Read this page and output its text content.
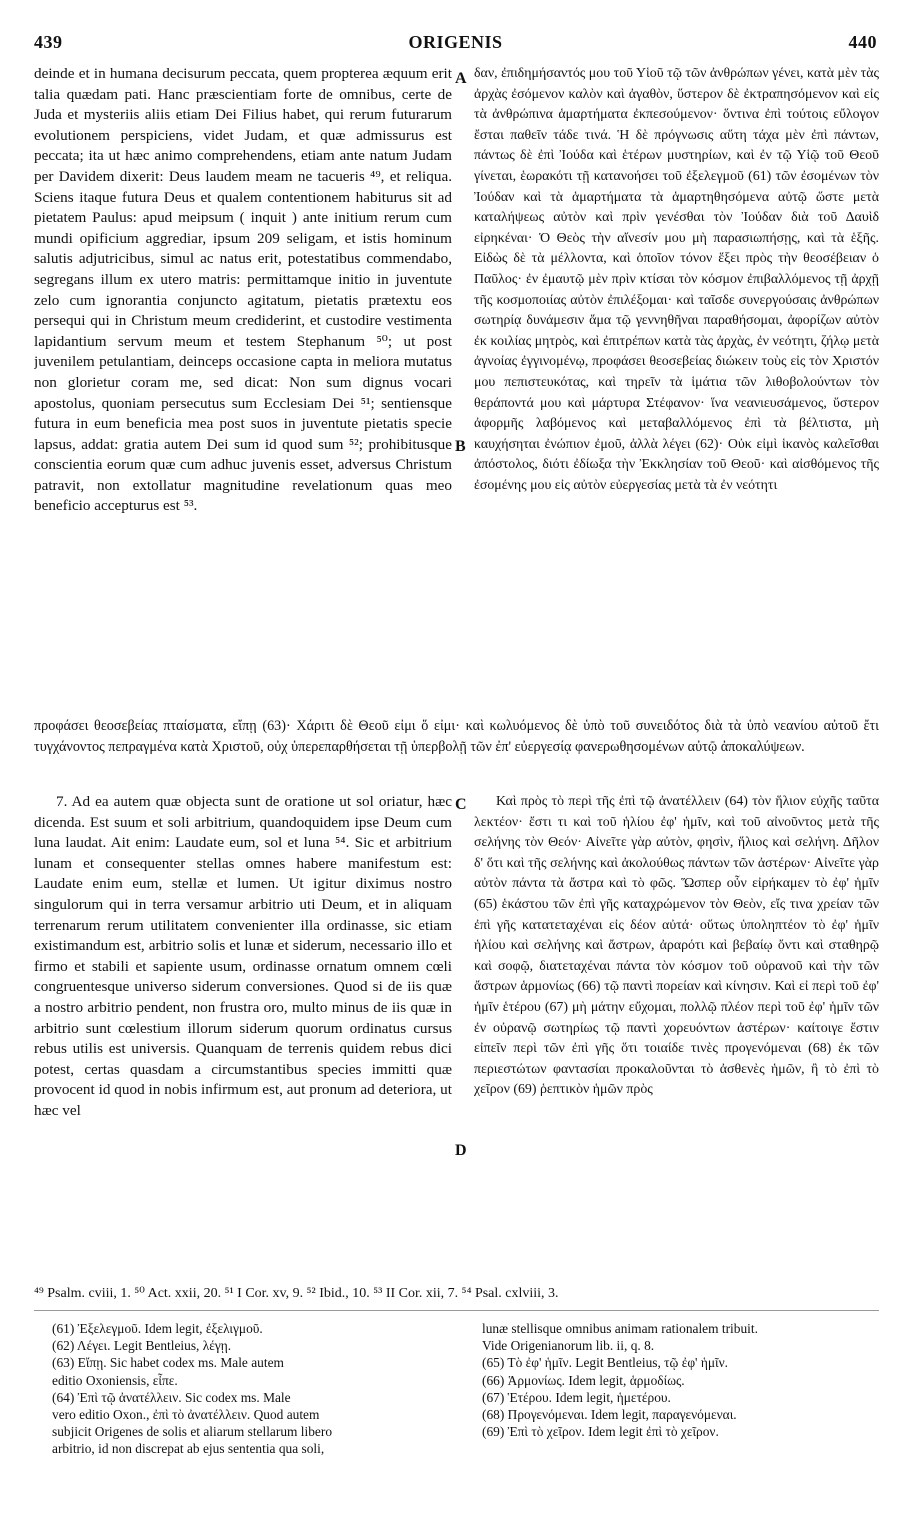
439	ORIGENIS	440

deinde et in humana decisurum peccata, quem propterea æquum erit talia quædam pati. Hanc præscientiam forte de omnibus, certe de Juda et mysteriis aliis etiam Dei Filius habet, qui rerum futurarum evolutionem perspiciens, videt Judam, et quæ admissurus est peccata; ita ut hæc animo comprehendens, etiam ante natum Judam per Davidem dixerit: Deus laudem meam ne tacueris ⁴⁹, et reliqua. Sciens itaque futura Deus et qualem contentionem habiturus sit ad pietatem Paulus: apud meipsum ( inquit ) ante initium rerum cum mundi opificium aggrediar, ipsum 209 seligam, et istis hominum salutis adjutricibus, simul ac natus erit, potestatibus commendabo, segregans illum ex utero matris: permittamque initio in juventute zelo cum ignorantia conjuncto agitatum, pietatis prætextu eos persequi qui in Christum meum crediderint, et custodire vestimenta lapidantium servum meum et testem Stephanum ⁵⁰; ut post juvenilem petulantiam, deinceps occasione capta in meliora mutatus non glorietur coram me, sed dicat: Non sum dignus vocari apostolus, quoniam persecutus sum Ecclesiam Dei ⁵¹; sentiensque futura in eum beneficia mea post suos in juventute pietatis specie lapsus, addat: gratia autem Dei sum id quod sum ⁵²; prohibitusque conscientia eorum quæ cum adhuc juvenis esset, adversus Christum patravit, non extollatur magnitudine revelationum quas meo beneficio accepturus est ⁵³.

A
B

δαν, ἐπιδημήσαντός μου τοῦ Υἱοῦ τῷ τῶν ἀνθρώπων γένει, κατὰ μὲν τὰς ἀρχὰς ἐσόμενον καλὸν καὶ ἀγαθὸν, ὕστερον δὲ ἐκτραπησόμενον καὶ εἰς τὰ ἀνθρώπινα ἁμαρτήματα ἐκπεσούμενον· ὅντινα ἐπὶ τούτοις εὔλογον ἔσται παθεῖν τάδε τινά. Ἡ δὲ πρόγνωσις αὕτη τάχα μὲν ἐπὶ πάντων, πάντως δὲ ἐπὶ Ἰούδα καὶ ἑτέρων μυστηρίων, καὶ ἐν τῷ Υἱῷ τοῦ Θεοῦ γίνεται, ἑωρακότι τῇ κατανοήσει τοῦ ἐξελεγμοῦ (61) τῶν ἐσομένων τὸν Ἰούδαν καὶ τὰ ἁμαρτήματα τὰ ἁμαρτηθησόμενα αὐτῷ ὥστε μετὰ καταλήψεως αὐτὸν καὶ πρὶν γενέσθαι τὸν Ἰούδαν διὰ τοῦ Δαυὶδ εἰρηκέναι· Ὁ Θεὸς τὴν αἴνεσίν μου μὴ παρασιωπήσῃς, καὶ τὰ ἑξῆς. Εἰδὼς δὲ τὰ μέλλοντα, καὶ ὁποῖον τόνον ἕξει πρὸς τὴν θεοσέβειαν ὁ Παῦλος· ἐν ἐμαυτῷ μὲν πρὶν κτίσαι τὸν κόσμον ἐπιβαλλόμενος τῇ ἀρχῇ τῆς κοσμοποιίας αὐτὸν ἐπιλέξομαι· καὶ ταῖσδε συνεργούσαις ἀνθρώπων σωτηρίᾳ δυνάμεσιν ἅμα τῷ γεννηθῆναι παραθήσομαι, ἀφορίζων αὐτὸν ἐκ κοιλίας μητρὸς, καὶ ἐπιτρέπων κατὰ τὰς ἀρχὰς, ἐν νεότητι, ζήλῳ μετὰ ἀγνοίας ἐγγινομένῳ, προφάσει θεοσεβείας διώκειν τοὺς εἰς τὸν Χριστόν μου πεπιστευκότας, καὶ τηρεῖν τὰ ἱμάτια τῶν λιθοβολούντων τὸν θεράποντά μου καὶ μάρτυρα Στέφανον· ἵνα νεανιευσάμενος, ὕστερον ἀφορμῆς λαβόμενος καὶ μεταβαλλόμενος ἐπὶ τὰ βέλτιστα, μὴ καυχήσηται ἐνώπιον ἐμοῦ, ἀλλὰ λέγει (62)· Οὐκ εἰμὶ ἱκανὸς καλεῖσθαι ἀπόστολος, διότι ἐδίωξα τὴν Ἐκκλησίαν τοῦ Θεοῦ· καὶ αἰσθόμενος τῆς ἐσομένης μου εἰς αὐτὸν εὐεργεσίας μετὰ τὰ ἐν νεότητι

προφάσει θεοσεβείας πταίσματα, εἴπῃ (63)· Χάριτι δὲ Θεοῦ εἰμι ὅ εἰμι· καὶ κωλυόμενος δὲ ὑπὸ τοῦ συνειδότος διὰ τὰ ὑπὸ νεανίου αὐτοῦ ἔτι τυγχάνοντος πεπραγμένα κατὰ Χριστοῦ, οὐχ ὑπερεπαρθήσεται τῇ ὑπερβολῇ τῶν ἐπ' εὐεργεσίᾳ φανερωθησομένων αὐτῷ ἀποκαλύψεων.

7. Ad ea autem quæ objecta sunt de oratione ut sol oriatur, hæc dicenda. Est suum et soli arbitrium, quandoquidem ipse Deum cum luna laudat. Ait enim: Laudate eum, sol et luna ⁵⁴. Sic et arbitrium lunam et consequenter stellas omnes habere manifestum est: Laudate enim eum, stellæ et lumen. Ut igitur diximus nostro singulorum qui in terra versamur arbitrio uti Deum, et in aliquam terrenarum rerum utilitatem convenienter illa ordinasse, sic etiam existimandum est, arbitrio solis et lunæ et siderum, necessario illo et firmo et stabili et sapiente usum, ordinasse ornatum omnem cœli congruentesque universo siderum conversiones. Quod si de iis quæ a nostro arbitrio pendent, non frustra oro, multo minus de iis quæ in arbitrio sunt cœlestium illorum siderum quorum ordinatus cursus rebus utilis est universis. Quanquam de terrenis quidem rebus dici potest, certas quasdam a circumstantibus species immitti quæ provocent id quod in nobis infirmum est, aut pronum ad deteriora, ut hæc vel

C
D

Καὶ πρὸς τὸ περὶ τῆς ἐπὶ τῷ ἀνατέλλειν (64) τὸν ἥλιον εὐχῆς ταῦτα λεκτέον· ἔστι τι καὶ τοῦ ἡλίου ἐφ' ἡμῖν, καὶ τοῦ αἰνοῦντος μετὰ τῆς σελήνης τὸν Θεόν· Αἰνεῖτε γὰρ αὐτὸν, φησὶν, ἥλιος καὶ σελήνη. Δῆλον δ' ὅτι καὶ τῆς σελήνης καὶ ἀκολούθως πάντων τῶν ἀστέρων· Αἰνεῖτε γὰρ αὐτὸν πάντα τὰ ἄστρα καὶ τὸ φῶς. Ὥσπερ οὖν εἰρήκαμεν τὸ ἐφ' ἡμῖν (65) ἑκάστου τῶν ἐπὶ γῆς καταχρώμενον τὸν Θεὸν, εἴς τινα χρείαν τῶν ἐπὶ γῆς κατατεταχέναι εἰς δέον αὐτά· οὕτως ὑποληπτέον τὸ ἐφ' ἡμῖν ἡλίου καὶ σελήνης καὶ ἄστρων, ἀραρότι καὶ βεβαίῳ ὄντι καὶ σταθηρῷ καὶ σοφῷ, διατεταχέναι πάντα τὸν κόσμον τοῦ οὐρανοῦ καὶ τὴν τῶν ἄστρων ἁρμονίως (66) τῷ παντὶ πορείαν καὶ κίνησιν. Καὶ εἰ περὶ τοῦ ἐφ' ἡμῖν ἑτέρου (67) μὴ μάτην εὔχομαι, πολλῷ πλέον περὶ τοῦ ἐφ' ἡμῖν τῶν ἐν οὐρανῷ σωτηρίως τῷ παντὶ χορευόντων ἀστέρων· καίτοιγε ἔστιν εἰπεῖν περὶ τῶν ἐπὶ γῆς ὅτι τοιαίδε τινὲς προγενόμεναι (68) ἐκ τῶν περιεστώτων φαντασίαι προκαλοῦνται τὸ ἀσθενὲς ἡμῶν, ἢ τὸ ἐπὶ τὸ χεῖρον (69) ῥεπτικὸν ἡμῶν πρὸς

⁴⁹ Psalm. cviii, 1. ⁵⁰ Act. xxii, 20. ⁵¹ I Cor. xv, 9. ⁵² Ibid., 10. ⁵³ II Cor. xii, 7. ⁵⁴ Psal. cxlviii, 3.
(61) Ἐξελεγμοῦ. Idem legit, ἐξελιγμοῦ.
(62) Λέγει. Legit Bentleius, λέγῃ.
(63) Εἴπῃ. Sic habet codex ms. Male autem
editio Oxoniensis, εἶπε.
(64) Ἐπὶ τῷ ἀνατέλλειν. Sic codex ms. Male
vero editio Oxon., ἐπὶ τὸ ἀνατέλλειν. Quod autem
subjicit Origenes de solis et aliarum stellarum libero
arbitrio, id non discrepat ab ejus sententia qua soli,
lunæ stellisque omnibus animam rationalem tribuit.
Vide Origenianorum lib. ii, q. 8.
(65) Τὸ ἐφ' ἡμῖν. Legit Bentleius, τῷ ἐφ' ἡμῖν.
(66) Ἁρμονίως. Idem legit, ἁρμοδίως.
(67) Ἑτέρου. Idem legit, ἡμετέρου.
(68) Προγενόμεναι. Idem legit, παραγενόμεναι.
(69) Ἐπὶ τὸ χεῖρον. Idem legit ἐπὶ τὸ χεῖρον.
